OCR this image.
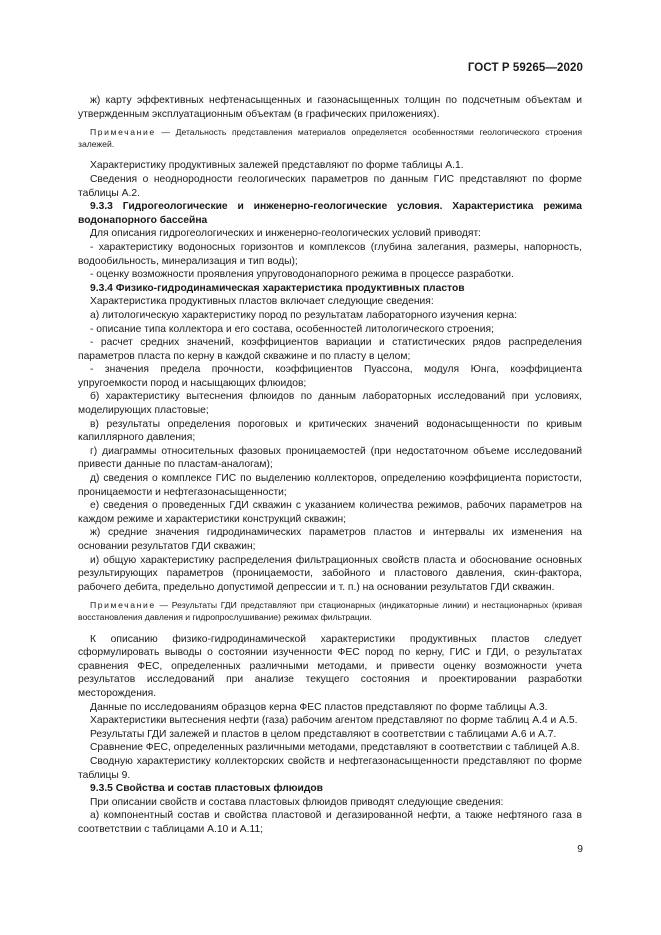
ГОСТ Р 59265—2020

ж) карту эффективных нефтенасыщенных и газонасыщенных толщин по подсчетным объектам и утвержденным эксплуатационным объектам (в графических приложениях).

Примечание — Детальность представления материалов определяется особенностями геологического строения залежей.

Характеристику продуктивных залежей представляют по форме таблицы А.1.

Сведения о неоднородности геологических параметров по данным ГИС представляют по форме таблицы А.2.

9.3.3 Гидрогеологические и инженерно-геологические условия. Характеристика режима водонапорного бассейна

Для описания гидрогеологических и инженерно-геологических условий приводят:

- характеристику водоносных горизонтов и комплексов (глубина залегания, размеры, напорность, водообильность, минерализация и тип воды);

- оценку возможности проявления упруговодонапорного режима в процессе разработки.

9.3.4 Физико-гидродинамическая характеристика продуктивных пластов

Характеристика продуктивных пластов включает следующие сведения:

а) литологическую характеристику пород по результатам лабораторного изучения керна:

- описание типа коллектора и его состава, особенностей литологического строения;

- расчет средних значений, коэффициентов вариации и статистических рядов распределения параметров пласта по керну в каждой скважине и по пласту в целом;

- значения предела прочности, коэффициентов Пуассона, модуля Юнга, коэффициента упругоемкости пород и насыщающих флюидов;

б) характеристику вытеснения флюидов по данным лабораторных исследований при условиях, моделирующих пластовые;

в) результаты определения пороговых и критических значений водонасыщенности по кривым капиллярного давления;

г) диаграммы относительных фазовых проницаемостей (при недостаточном объеме исследований привести данные по пластам-аналогам);

д) сведения о комплексе ГИС по выделению коллекторов, определению коэффициента пористости, проницаемости и нефтегазонасыщенности;

е) сведения о проведенных ГДИ скважин с указанием количества режимов, рабочих параметров на каждом режиме и характеристики конструкций скважин;

ж) средние значения гидродинамических параметров пластов и интервалы их изменения на основании результатов ГДИ скважин;

и) общую характеристику распределения фильтрационных свойств пласта и обоснование основных результирующих параметров (проницаемости, забойного и пластового давления, скин-фактора, рабочего дебита, предельно допустимой депрессии и т. п.) на основании результатов ГДИ скважин.

Примечание — Результаты ГДИ представляют при стационарных (индикаторные линии) и нестационарных (кривая восстановления давления и гидропрослушивание) режимах фильтрации.

К описанию физико-гидродинамической характеристики продуктивных пластов следует сформулировать выводы о состоянии изученности ФЕС пород по керну, ГИС и ГДИ, о результатах сравнения ФЕС, определенных различными методами, и привести оценку возможности учета результатов исследований при анализе текущего состояния и проектировании разработки месторождения.

Данные по исследованиям образцов керна ФЕС пластов представляют по форме таблицы А.3.

Характеристики вытеснения нефти (газа) рабочим агентом представляют по форме таблиц А.4 и А.5.

Результаты ГДИ залежей и пластов в целом представляют в соответствии с таблицами А.6 и А.7.

Сравнение ФЕС, определенных различными методами, представляют в соответствии с таблицей А.8.

Сводную характеристику коллекторских свойств и нефтегазонасыщенности представляют по форме таблицы 9.

9.3.5 Свойства и состав пластовых флюидов

При описании свойств и состава пластовых флюидов приводят следующие сведения:

а) компонентный состав и свойства пластовой и дегазированной нефти, а также нефтяного газа в соответствии с таблицами А.10 и А.11;

9
